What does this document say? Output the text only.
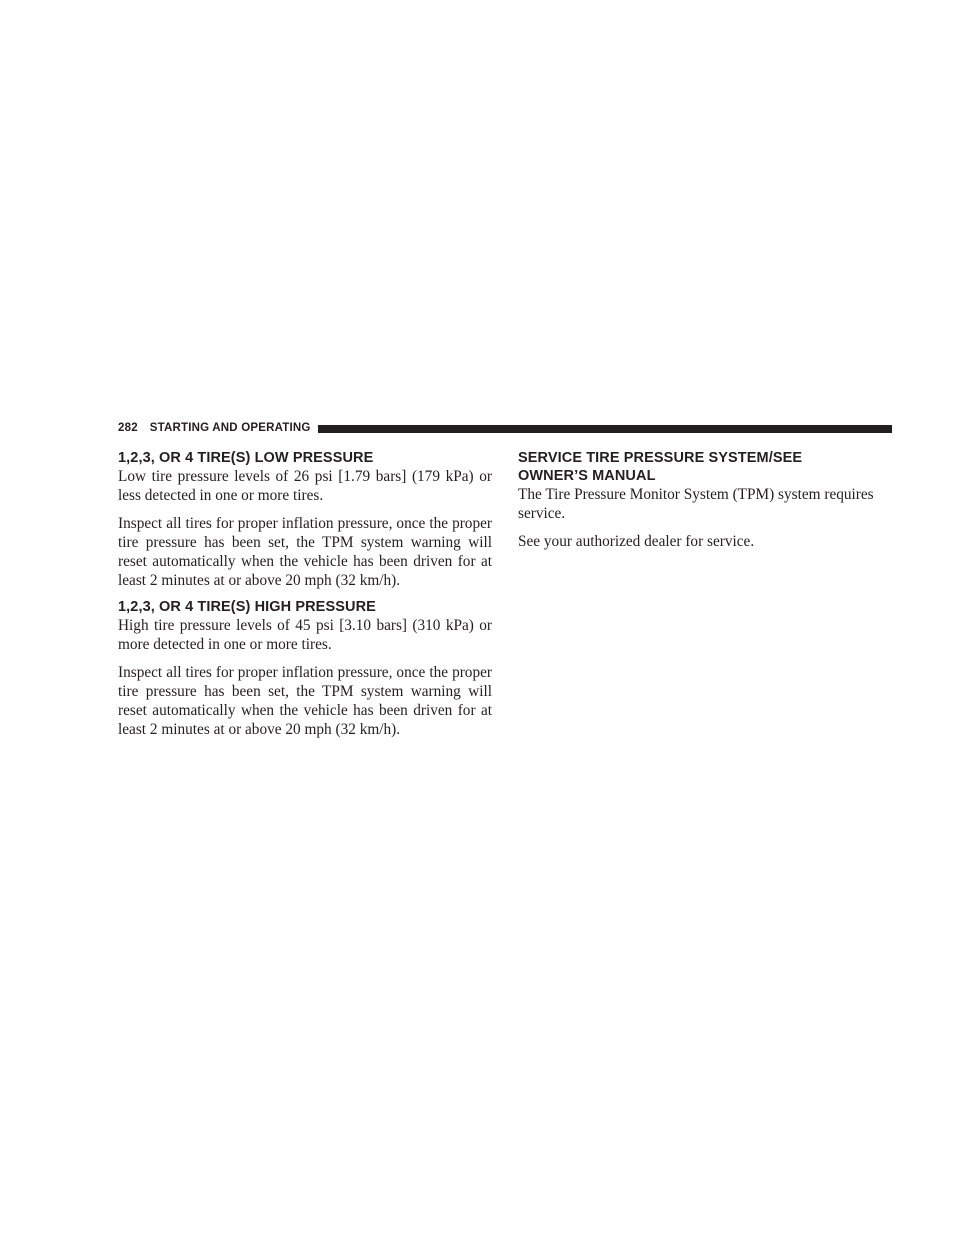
282 STARTING AND OPERATING
1,2,3, OR 4 TIRE(S) LOW PRESSURE

Low tire pressure levels of 26 psi [1.79 bars] (179 kPa) or less detected in one or more tires.

Inspect all tires for proper inflation pressure, once the proper tire pressure has been set, the TPM system warning will reset automatically when the vehicle has been driven for at least 2 minutes at or above 20 mph (32 km/h).

1,2,3, OR 4 TIRE(S) HIGH PRESSURE

High tire pressure levels of 45 psi [3.10 bars] (310 kPa) or more detected in one or more tires.

Inspect all tires for proper inflation pressure, once the proper tire pressure has been set, the TPM system warning will reset automatically when the vehicle has been driven for at least 2 minutes at or above 20 mph (32 km/h).

SERVICE TIRE PRESSURE SYSTEM/SEE
OWNER’S MANUAL

The Tire Pressure Monitor System (TPM) system requires service.

See your authorized dealer for service.
